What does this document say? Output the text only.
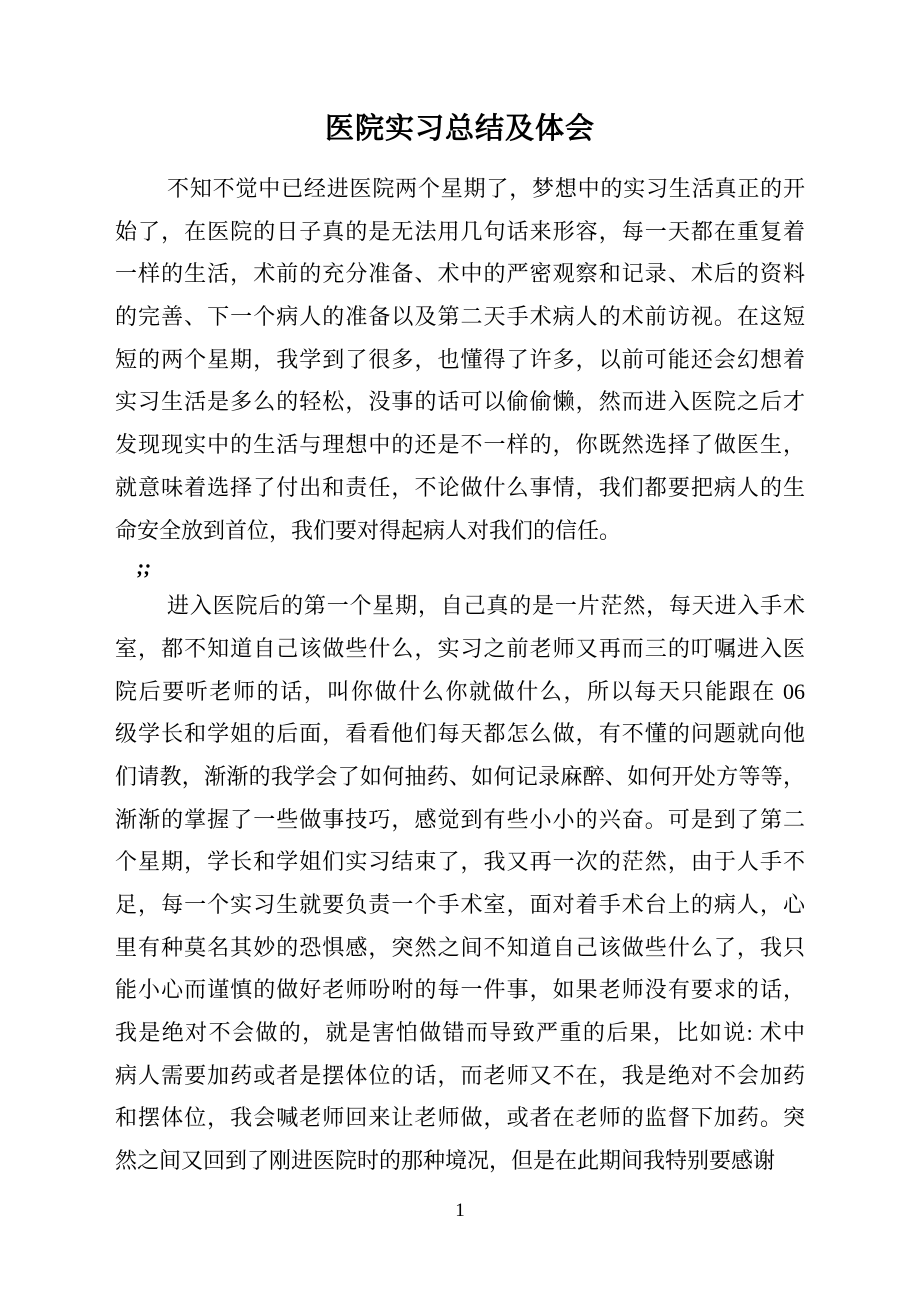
医院实习总结及体会
不知不觉中已经进医院两个星期了，梦想中的实习生活真正的开
始了，在医院的日子真的是无法用几句话来形容，每一天都在重复着
一样的生活，术前的充分准备、术中的严密观察和记录、术后的资料
的完善、下一个病人的准备以及第二天手术病人的术前访视。在这短
短的两个星期，我学到了很多，也懂得了许多，以前可能还会幻想着
实习生活是多么的轻松，没事的话可以偷偷懒，然而进入医院之后才
发现现实中的生活与理想中的还是不一样的，你既然选择了做医生，
就意味着选择了付出和责任，不论做什么事情，我们都要把病人的生
命安全放到首位，我们要对得起病人对我们的信任。
;;
进入医院后的第一个星期，自己真的是一片茫然，每天进入手术
室，都不知道自己该做些什么，实习之前老师又再而三的叮嘱进入医
院后要听老师的话，叫你做什么你就做什么，所以每天只能跟在 06
级学长和学姐的后面，看看他们每天都怎么做，有不懂的问题就向他
们请教，渐渐的我学会了如何抽药、如何记录麻醉、如何开处方等等，
渐渐的掌握了一些做事技巧，感觉到有些小小的兴奋。可是到了第二
个星期，学长和学姐们实习结束了，我又再一次的茫然，由于人手不
足，每一个实习生就要负责一个手术室，面对着手术台上的病人，心
里有种莫名其妙的恐惧感，突然之间不知道自己该做些什么了，我只
能小心而谨慎的做好老师吩咐的每一件事，如果老师没有要求的话，
我是绝对不会做的，就是害怕做错而导致严重的后果，比如说: 术中
病人需要加药或者是摆体位的话，而老师又不在，我是绝对不会加药
和摆体位，我会喊老师回来让老师做，或者在老师的监督下加药。突
然之间又回到了刚进医院时的那种境况，但是在此期间我特别要感谢
1
